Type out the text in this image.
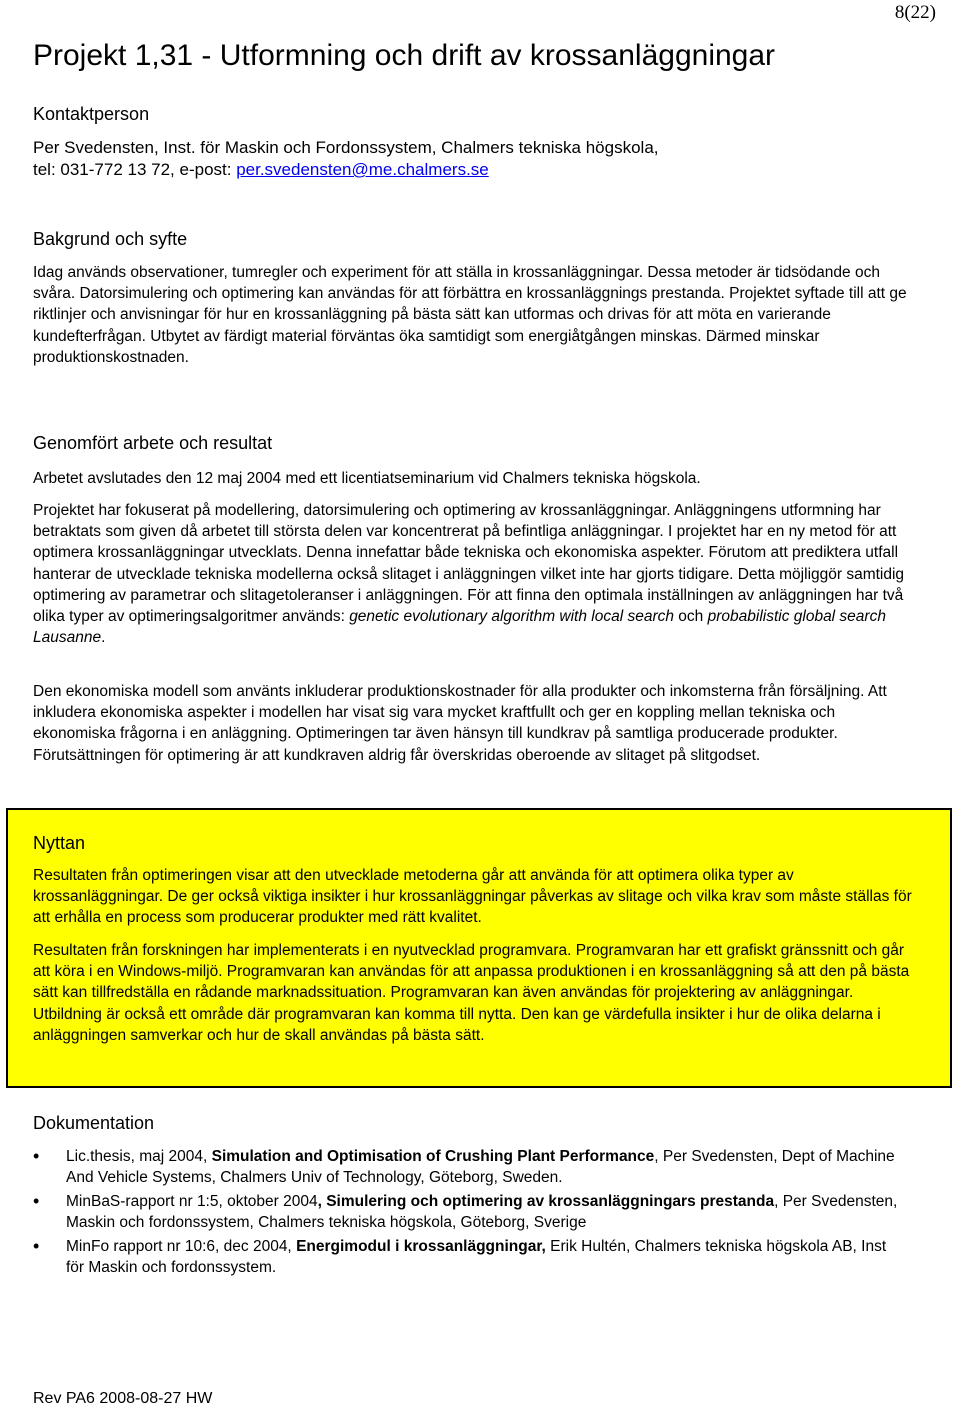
8(22)
Projekt 1,31 - Utformning och drift av krossanläggningar
Kontaktperson
Per Svedensten, Inst. för Maskin och Fordonssystem, Chalmers tekniska högskola,
tel: 031-772 13 72, e-post: per.svedensten@me.chalmers.se
Bakgrund och syfte
Idag används observationer, tumregler och experiment för att ställa in krossanläggningar. Dessa metoder är tidsödande och svåra. Datorsimulering och optimering kan användas för att förbättra en krossanläggnings prestanda. Projektet syftade till att ge riktlinjer och anvisningar för hur en krossanläggning på bästa sätt kan utformas och drivas för att möta en varierande kundefterfrågan. Utbytet av färdigt material förväntas öka samtidigt som energiåtgången minskas. Därmed minskar produktionskostnaden.
Genomfört arbete och resultat
Arbetet avslutades den 12 maj 2004 med ett licentiatseminarium vid Chalmers tekniska högskola.
Projektet har fokuserat på modellering, datorsimulering och optimering av krossanläggningar. Anläggningens utformning har betraktats som given då arbetet till största delen var koncentrerat på befintliga anläggningar. I projektet har en ny metod för att optimera krossanläggningar utvecklats. Denna innefattar både tekniska och ekonomiska aspekter. Förutom att prediktera utfall hanterar de utvecklade tekniska modellerna också slitaget i anläggningen vilket inte har gjorts tidigare. Detta möjliggör samtidig optimering av parametrar och slitagetoleranser i anläggningen. För att finna den optimala inställningen av anläggningen har två olika typer av optimeringsalgoritmer används: genetic evolutionary algorithm with local search och probabilistic global search Lausanne.
Den ekonomiska modell som använts inkluderar produktionskostnader för alla produkter och inkomsterna från försäljning. Att inkludera ekonomiska aspekter i modellen har visat sig vara mycket kraftfullt och ger en koppling mellan tekniska och ekonomiska frågorna i en anläggning. Optimeringen tar även hänsyn till kundkrav på samtliga producerade produkter. Förutsättningen för optimering är att kundkraven aldrig får överskridas oberoende av slitaget på slitgodset.
Nyttan
Resultaten från optimeringen visar att den utvecklade metoderna går att använda för att optimera olika typer av krossanläggningar. De ger också viktiga insikter i hur krossanläggningar påverkas av slitage och vilka krav som måste ställas för att erhålla en process som producerar produkter med rätt kvalitet.
Resultaten från forskningen har implementerats i en nyutvecklad programvara. Programvaran har ett grafiskt gränssnitt och går att köra i en Windows-miljö. Programvaran kan användas för att anpassa produktionen i en krossanläggning så att den på bästa sätt kan tillfredställa en rådande marknadssituation. Programvaran kan även användas för projektering av anläggningar. Utbildning är också ett område där programvaran kan komma till nytta. Den kan ge värdefulla insikter i hur de olika delarna i anläggningen samverkar och hur de skall användas på bästa sätt.
Dokumentation
• Lic.thesis, maj 2004, Simulation and Optimisation of Crushing Plant Performance, Per Svedensten, Dept of Machine And Vehicle Systems, Chalmers Univ of Technology, Göteborg, Sweden.
• MinBaS-rapport nr 1:5, oktober 2004, Simulering och optimering av krossanläggningars prestanda, Per Svedensten, Maskin och fordonssystem, Chalmers tekniska högskola, Göteborg, Sverige
• MinFo rapport nr 10:6, dec 2004, Energimodul i krossanläggningar, Erik Hultén, Chalmers tekniska högskola AB, Inst för Maskin och fordonssystem.
Rev PA6 2008-08-27 HW
